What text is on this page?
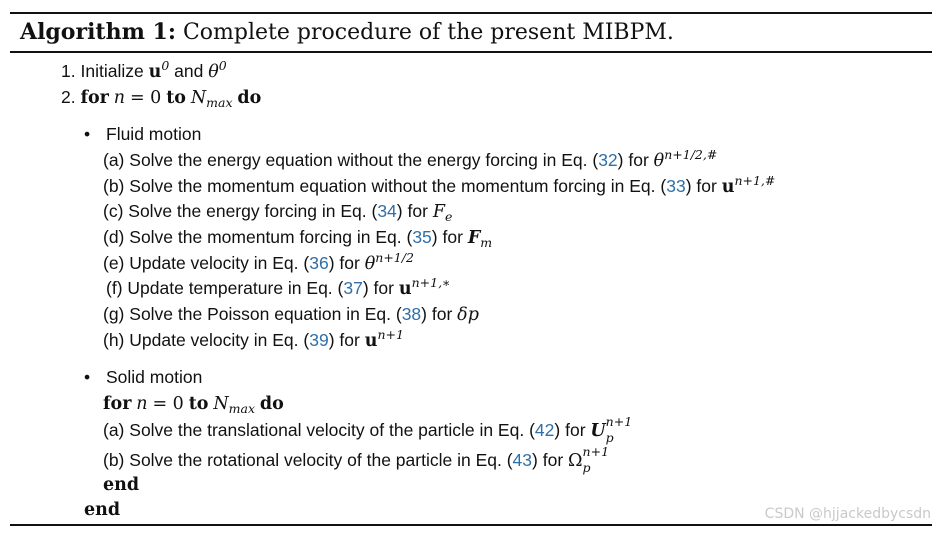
Algorithm 1: Complete procedure of the present MIBPM.
1. Initialize $u^0$ and $\theta^0$
2. for n = 0 to $N_{max}$ do
• Fluid motion
(a) Solve the energy equation without the energy forcing in Eq. (32) for $\theta^{n+1/2,\#}$
(b) Solve the momentum equation without the momentum forcing in Eq. (33) for $u^{n+1,\#}$
(c) Solve the energy forcing in Eq. (34) for $F_e$
(d) Solve the momentum forcing in Eq. (35) for $F_m$
(e) Update velocity in Eq. (36) for $\theta^{n+1/2}$
(f) Update temperature in Eq. (37) for $u^{n+1,∗}$
(g) Solve the Poisson equation in Eq. (38) for δp
(h) Update velocity in Eq. (39) for $u^{n+1}$
• Solid motion
for n = 0 to $N_{max}$ do
(a) Solve the translational velocity of the particle in Eq. (42) for U n+1
p
(b) Solve the rotational velocity of the particle in Eq. (43) for Ω n+1
p
end
end	CSDN @hjjackedbycsdn
